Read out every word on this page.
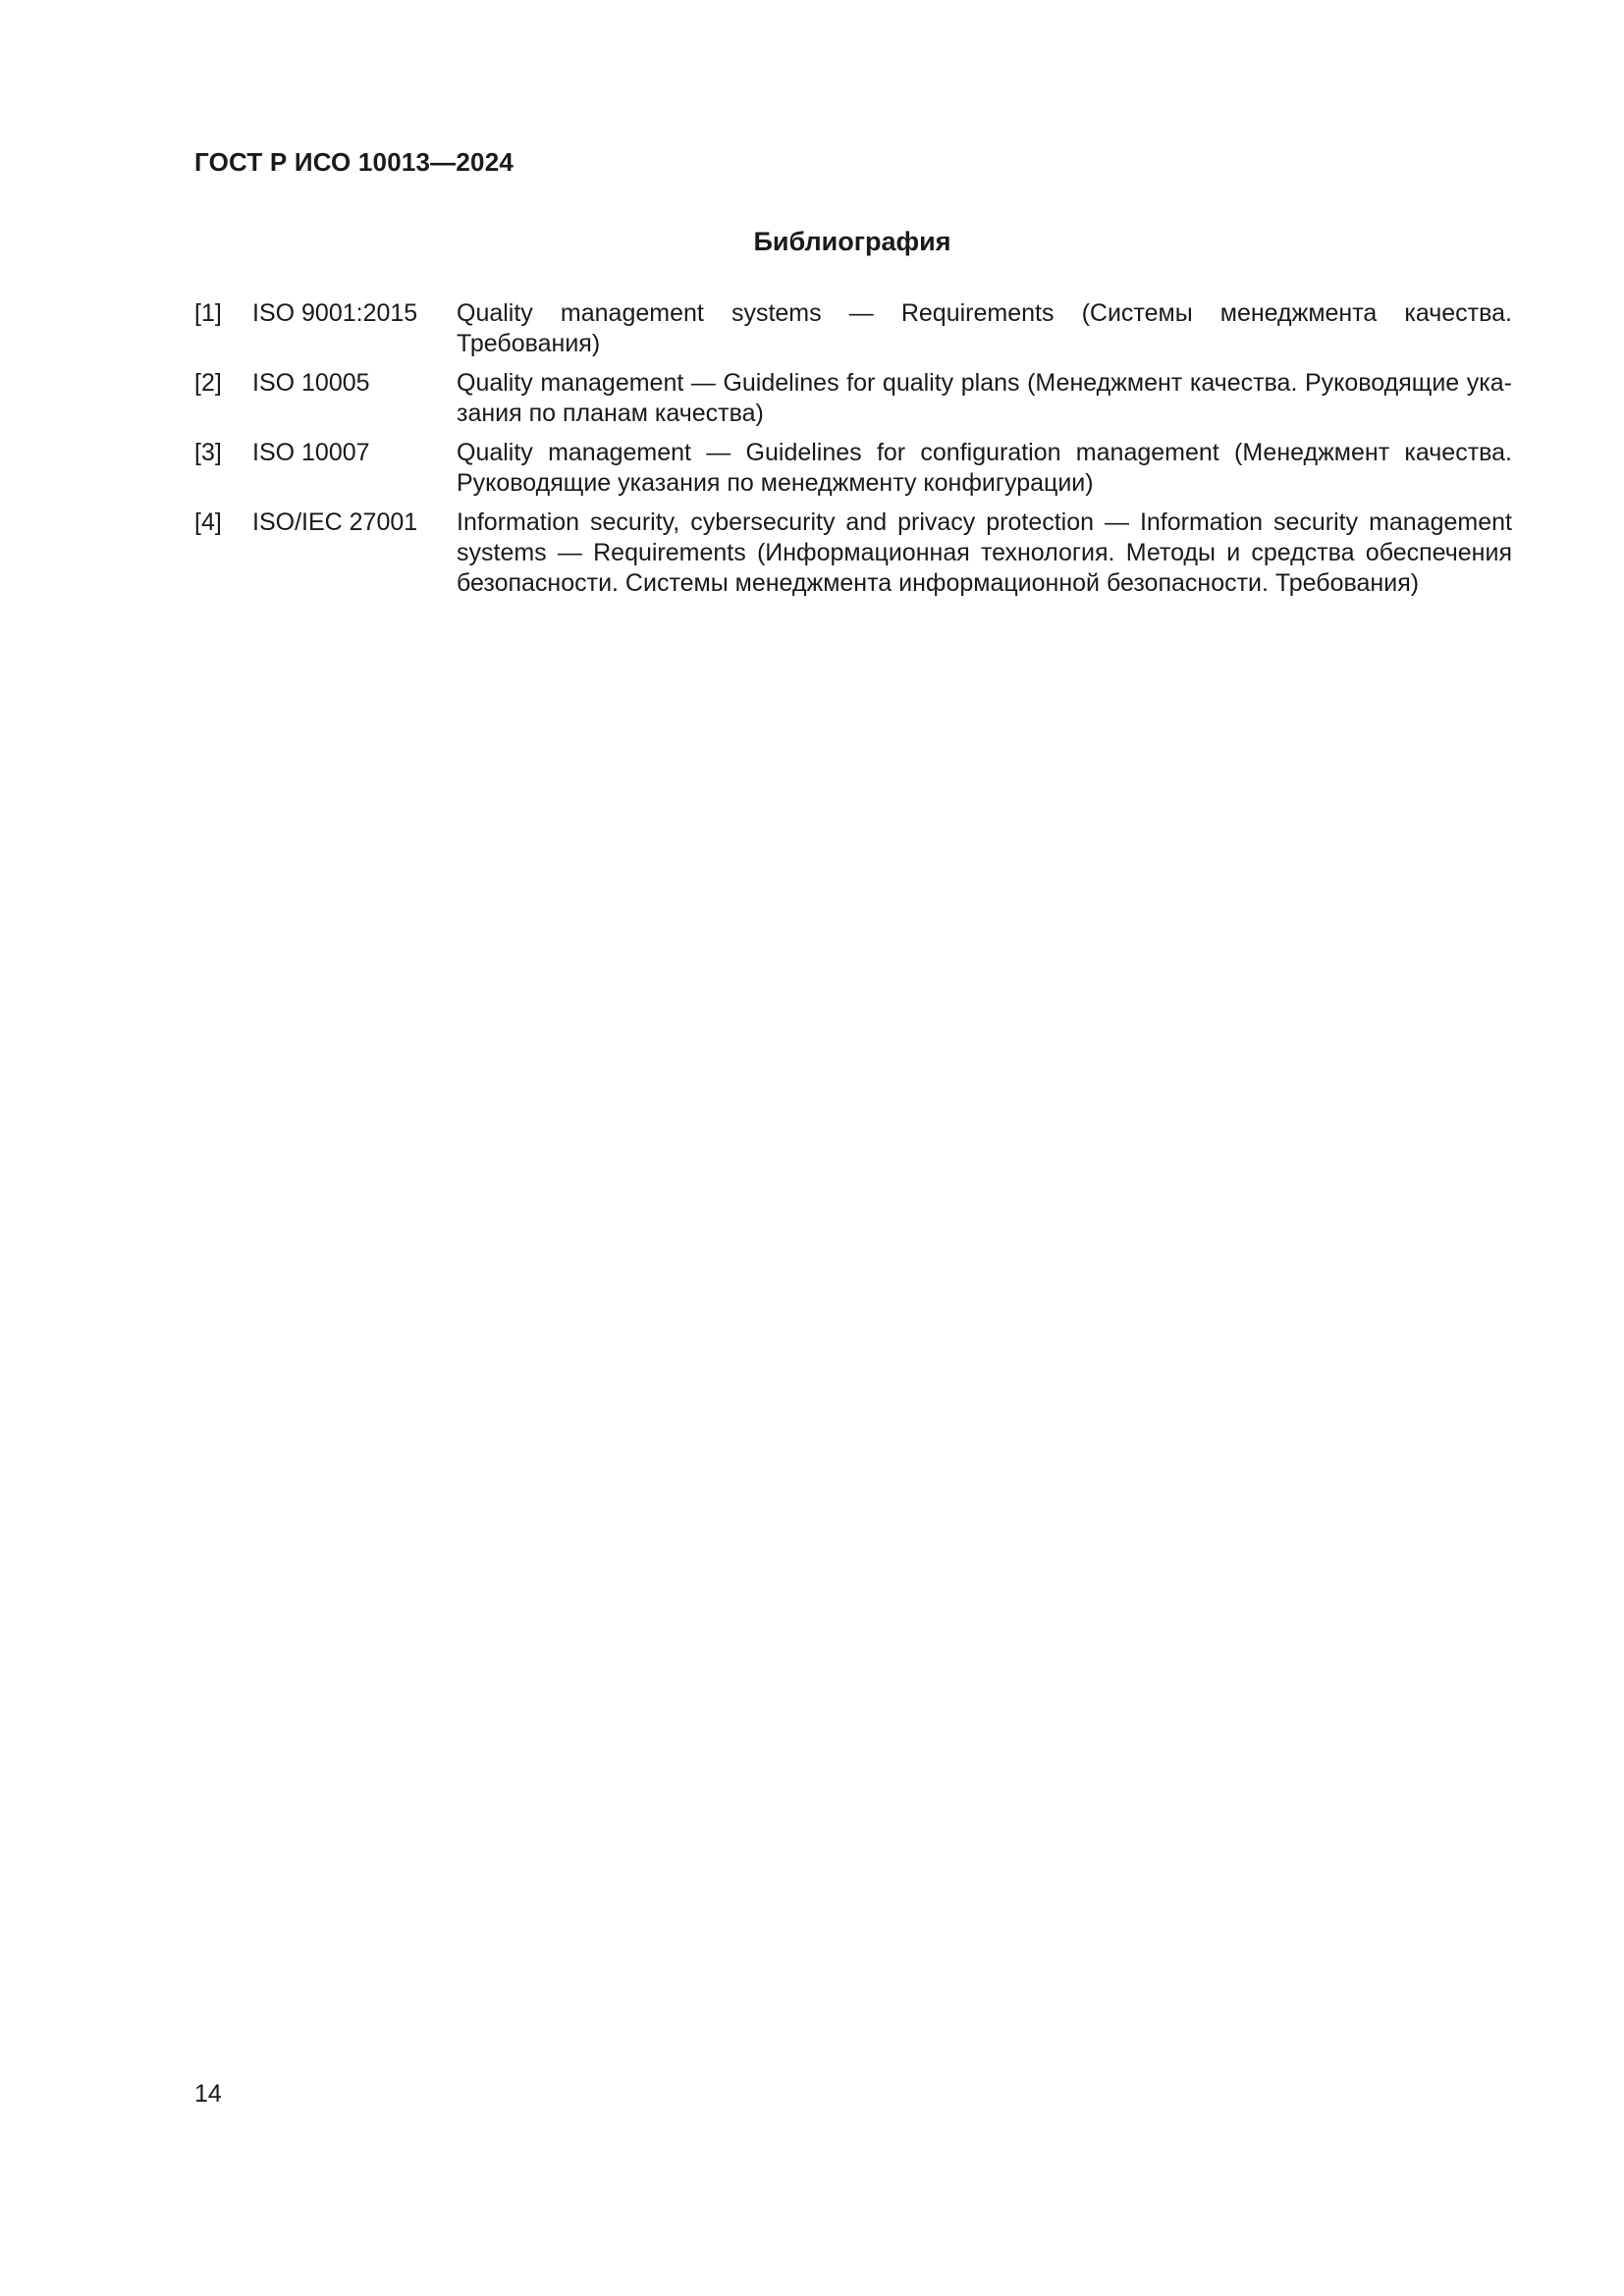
ГОСТ Р ИСО 10013—2024
Библиография
[1]	ISO 9001:2015	Quality management systems — Requirements (Системы менеджмента качества. Требования)
[2]	ISO 10005	Quality management — Guidelines for quality plans (Менеджмент качества. Руководящие указания по планам качества)
[3]	ISO 10007	Quality management — Guidelines for configuration management (Менеджмент качества. Руководящие указания по менеджменту конфигурации)
[4]	ISO/IEC 27001	Information security, cybersecurity and privacy protection — Information security management systems — Requirements (Информационная технология. Методы и средства обеспечения безопасности. Системы менеджмента информационной безопасности. Требования)
14
